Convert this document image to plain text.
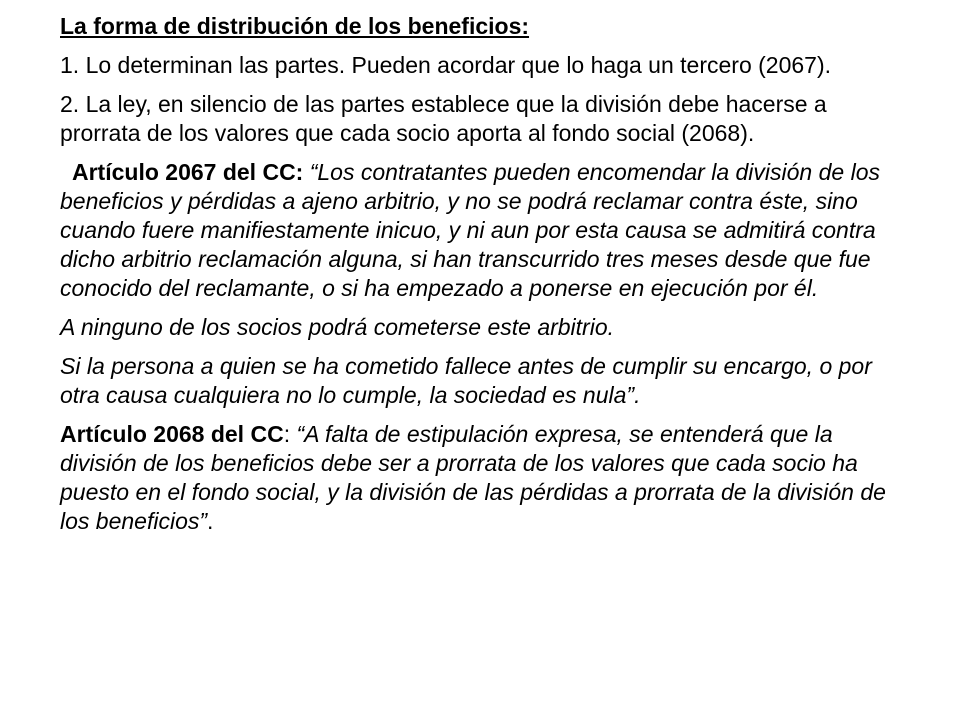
La forma de distribución de los beneficios:

1. Lo determinan las partes. Pueden acordar que lo haga un tercero (2067).

2. La ley, en silencio de las partes establece que la división debe hacerse a prorrata de los valores que cada socio aporta al fondo social (2068).

Artículo 2067 del CC: “Los contratantes pueden encomendar la división de los beneficios y pérdidas a ajeno arbitrio, y no se podrá reclamar contra éste, sino cuando fuere manifiestamente inicuo, y ni aun por esta causa se admitirá contra dicho arbitrio reclamación alguna, si han transcurrido tres meses desde que fue conocido del reclamante, o si ha empezado a ponerse en ejecución por él.

A ninguno de los socios podrá cometerse este arbitrio.

Si la persona a quien se ha cometido fallece antes de cumplir su encargo, o por otra causa cualquiera no lo cumple, la sociedad es nula”.

Artículo 2068 del CC: “A falta de estipulación expresa, se entenderá que la división de los beneficios debe ser a prorrata de los valores que cada socio ha puesto en el fondo social, y la división de las pérdidas a prorrata de la división de los beneficios”.
